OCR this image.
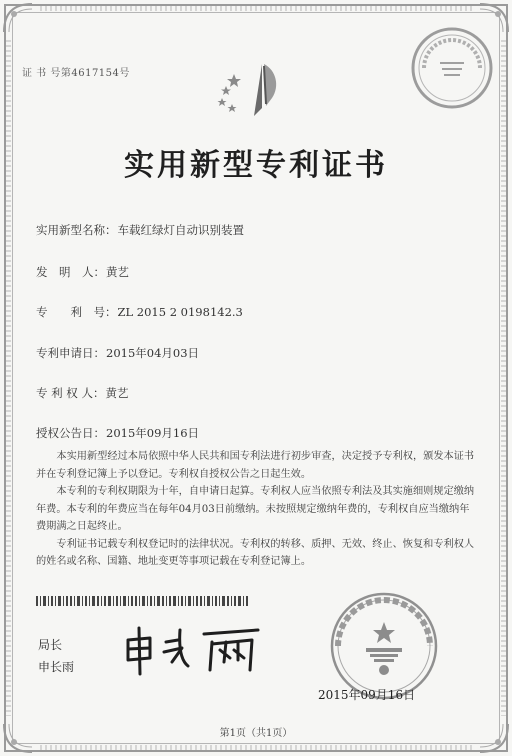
证 书 号第4617154号
实用新型专利证书
实用新型名称：车载红绿灯自动识别装置
发　明　人：黄艺
专　　利　号：ZL 2015 2 0198142.3
专利申请日：2015年04月03日
专 利 权 人：黄艺
授权公告日：2015年09月16日

本实用新型经过本局依照中华人民共和国专利法进行初步审查，决定授予专利权，颁发本证书并在专利登记簿上予以登记。专利权自授权公告之日起生效。

本专利的专利权期限为十年，自申请日起算。专利权人应当依照专利法及其实施细则规定缴纳年费。本专利的年费应当在每年04月03日前缴纳。未按照规定缴纳年费的，专利权自应当缴纳年费期满之日起终止。

专利证书记载专利权登记时的法律状况。专利权的转移、质押、无效、终止、恢复和专利权人的姓名或名称、国籍、地址变更等事项记载在专利登记簿上。

局长
申长雨
2015年09月16日
第1页（共1页）
